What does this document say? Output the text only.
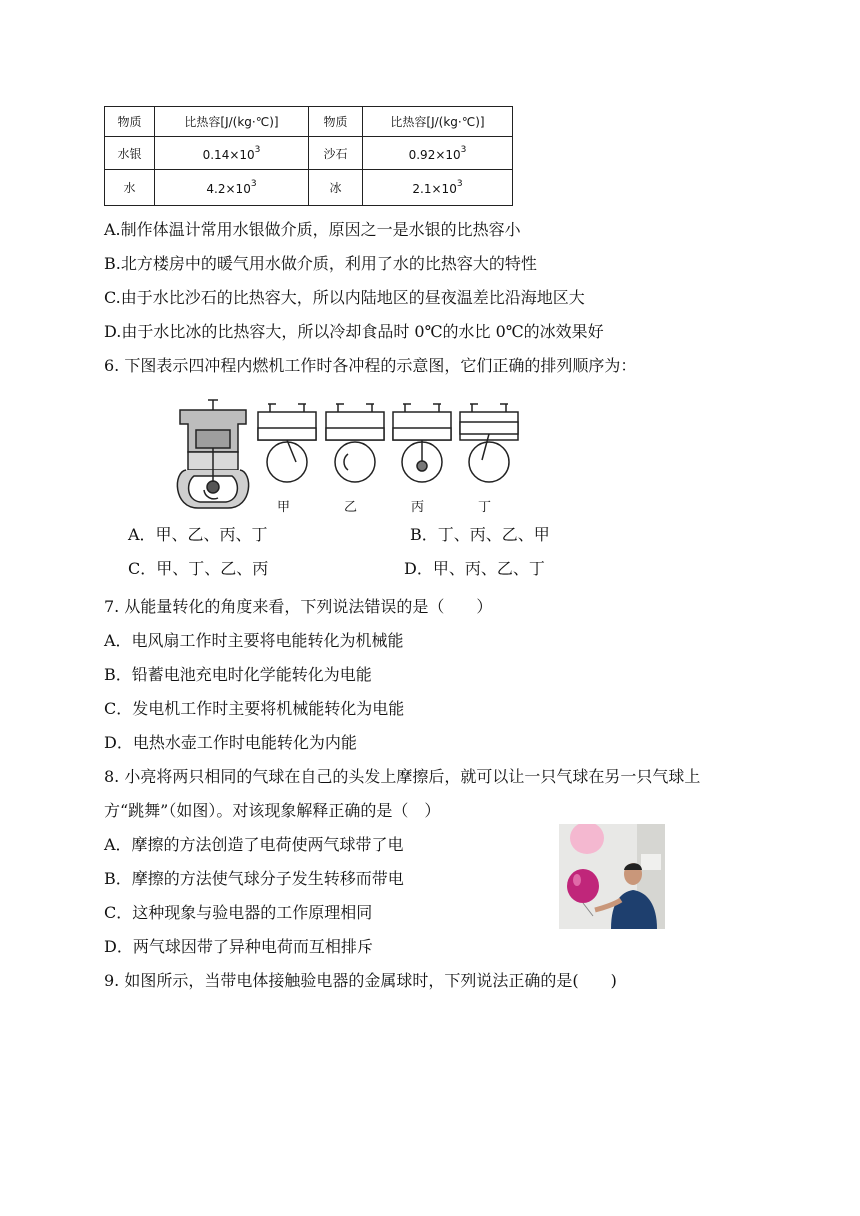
物质	比热容[J/(kg·℃)]	物质	比热容[J/(kg·℃)]
水银	$0.14\times 10^3$	沙石	$0.92\times 10^3$
水	$4.2\times 10^3$	冰	$2.1\times 10^3$
A.制作体温计常用水银做介质，原因之一是水银的比热容小
B.北方楼房中的暖气用水做介质，利用了水的比热容大的特性
C.由于水比沙石的比热容大，所以内陆地区的昼夜温差比沿海地区大
D.由于水比冰的比热容大，所以冷却食品时 0℃的水比 0℃的冰效果好
6. 下图表示四冲程内燃机工作时各冲程的示意图，它们正确的排列顺序为：
甲	乙	丙	丁
A．甲、乙、丙、丁	B．丁、丙、乙、甲
C．甲、丁、乙、丙	D．甲、丙、乙、丁
7. 从能量转化的角度来看，下列说法错误的是（　　）
A．电风扇工作时主要将电能转化为机械能
B．铅蓄电池充电时化学能转化为电能
C．发电机工作时主要将机械能转化为电能
D．电热水壶工作时电能转化为内能
8. 小亮将两只相同的气球在自己的头发上摩擦后，就可以让一只气球在另一只气球上
方“跳舞”（如图）。对该现象解释正确的是（　）
A．摩擦的方法创造了电荷使两气球带了电
B．摩擦的方法使气球分子发生转移而带电
C．这种现象与验电器的工作原理相同
D．两气球因带了异种电荷而互相排斥
9. 如图所示，当带电体接触验电器的金属球时，下列说法正确的是(　　)
